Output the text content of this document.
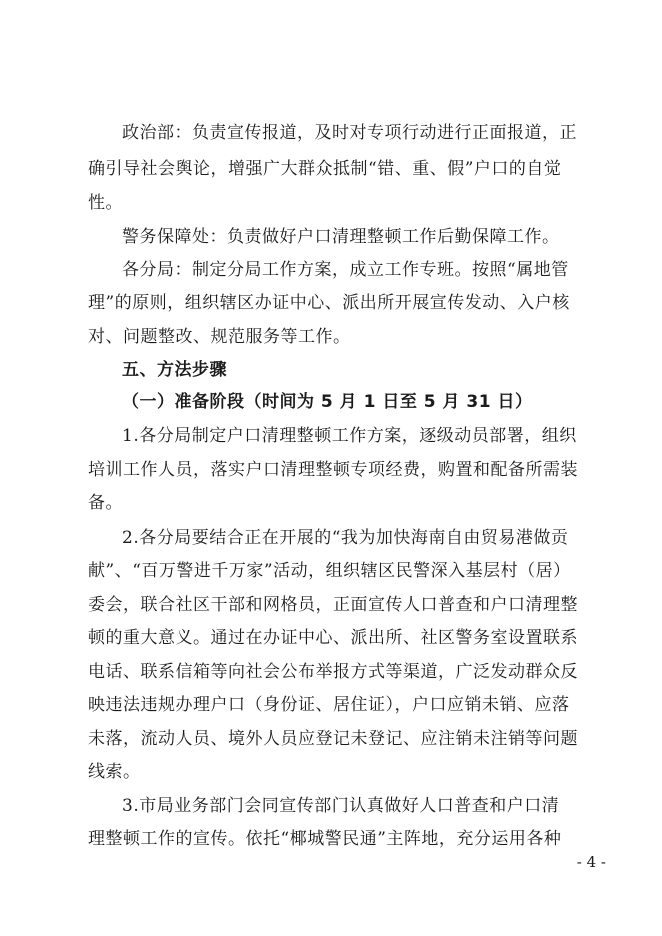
政治部：负责宣传报道，及时对专项行动进行正面报道，正
确引导社会舆论，增强广大群众抵制“错、重、假”户口的自觉
性。
警务保障处：负责做好户口清理整顿工作后勤保障工作。
各分局：制定分局工作方案，成立工作专班。按照“属地管
理”的原则，组织辖区办证中心、派出所开展宣传发动、入户核
对、问题整改、规范服务等工作。
五、方法步骤
（一）准备阶段（时间为 5 月 1 日至 5 月 31 日）
1.各分局制定户口清理整顿工作方案，逐级动员部署，组织
培训工作人员，落实户口清理整顿专项经费，购置和配备所需装
备。
2.各分局要结合正在开展的“我为加快海南自由贸易港做贡
献”、“百万警进千万家”活动，组织辖区民警深入基层村（居）
委会，联合社区干部和网格员，正面宣传人口普查和户口清理整
顿的重大意义。通过在办证中心、派出所、社区警务室设置联系
电话、联系信箱等向社会公布举报方式等渠道，广泛发动群众反
映违法违规办理户口（身份证、居住证），户口应销未销、应落
未落，流动人员、境外人员应登记未登记、应注销未注销等问题
线索。
3.市局业务部门会同宣传部门认真做好人口普查和户口清
理整顿工作的宣传。依托“椰城警民通”主阵地，充分运用各种
- 4 -
